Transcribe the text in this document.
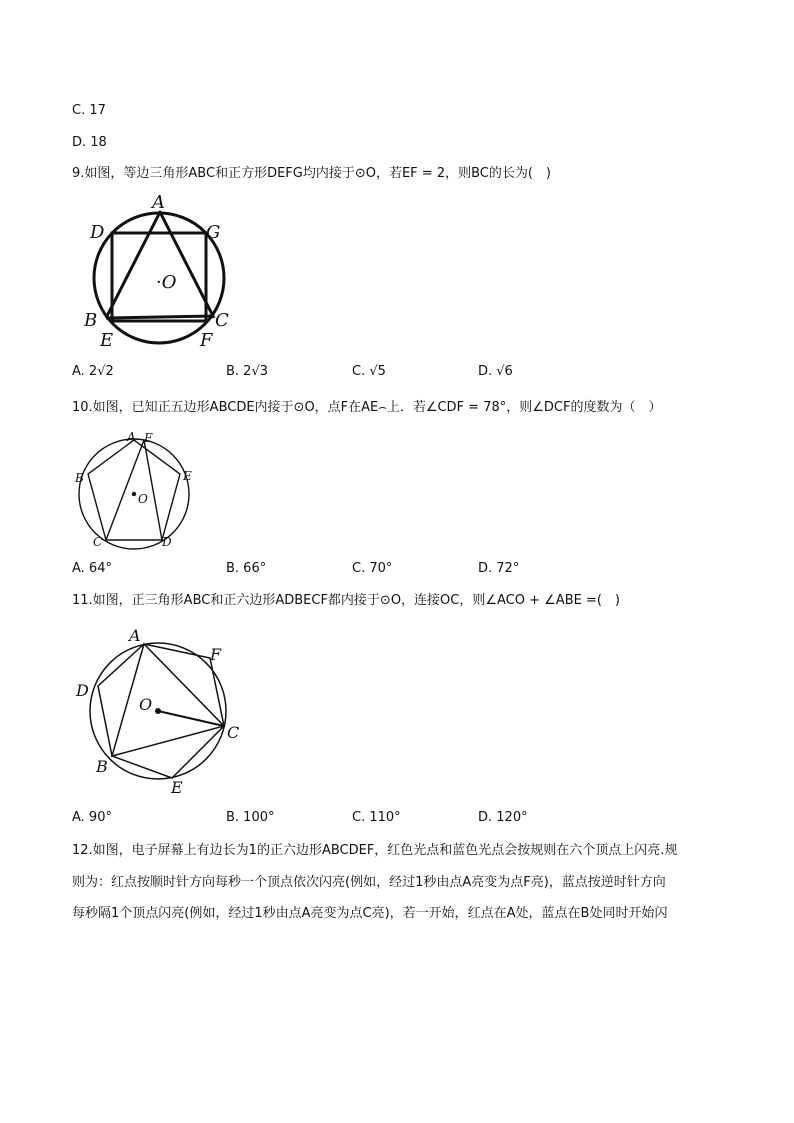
C. 17
D. 18
9.如图，等边三角形ABC和正方形DEFG均内接于⊙O，若EF = 2，则BC的长为(　)
A
D	G
·O
B	C
E	F
A. 2√2	B. 2√3	C. √5	D. √6
10.如图，已知正五边形ABCDE内接于⊙O，点F在AE⌢上．若∠CDF = 78°，则∠DCF的度数为（　）
A F
B	E
O
C	D
A. 64°	B. 66°	C. 70°	D. 72°
11.如图，正三角形ABC和正六边形ADBECF都内接于⊙O，连接OC，则∠ACO + ∠ABE =(　)
A
F
D
O
C
B
E
A. 90°	B. 100°	C. 110°	D. 120°
12.如图，电子屏幕上有边长为1的正六边形ABCDEF，红色光点和蓝色光点会按规则在六个顶点上闪亮.规
则为：红点按顺时针方向每秒一个顶点依次闪亮(例如，经过1秒由点A亮变为点F亮)，蓝点按逆时针方向
每秒隔1个顶点闪亮(例如，经过1秒由点A亮变为点C亮)，若一开始，红点在A处，蓝点在B处同时开始闪
